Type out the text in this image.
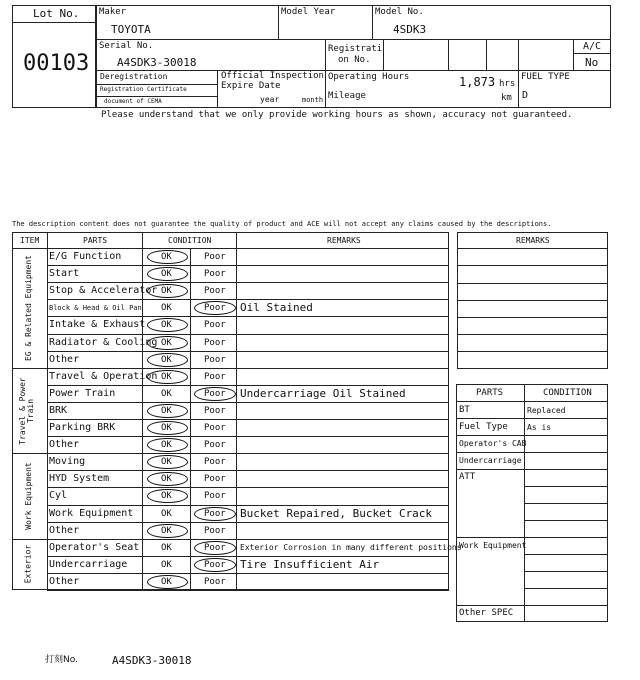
Lot No.
00103
Maker
TOYOTA
Model Year	Model No.
4SDK3
Serial No.
A4SDK3-30018
Registrati
on No.
A/C
No
Deregistration
Registration Certificate
document of CEMA
Official Inspection
Expire Date
year	month
Operating Hours	1,873 hrs
Mileage	km
FUEL TYPE
D
Please understand that we only provide working hours as shown, accuracy not guaranteed.
The description content does not guarantee the quality of product and ACE will not accept any claims caused by the descriptions.
ITEM	PARTS	CONDITION	REMARKS
E/G Function	OK	Poor
Start	OK	Poor
Stop & Accelerator OK	Poor
Block & Head & Oil Pan OK	Poor Oil Stained
Intake & Exhaust OK	Poor
Radiator & Cooling OK	Poor
Other	OK	Poor
EG & Related Equipment
Travel & Operation OK	Poor
Power Train	OK	Poor Undercarriage Oil Stained
BRK	OK	Poor
Parking BRK	OK	Poor
Other	OK	Poor
Travel & Power Train
Moving	OK	Poor
HYD System	OK	Poor
Cyl	OK	Poor
Work Equipment	OK	Poor Bucket Repaired, Bucket Crack
Other	OK	Poor
Work Equipment
Operator's Seat OK	Poor Exterior Corrosion in many different positions
Undercarriage	OK	Poor Tire Insufficient Air
Other	OK	Poor
Exterior
REMARKS
PARTS	CONDITION
BT	Replaced
Fuel Type As is
Operator's CAB
Undercarriage
ATT
Work Equipment
Other SPEC
打刻No.	A4SDK3-30018
